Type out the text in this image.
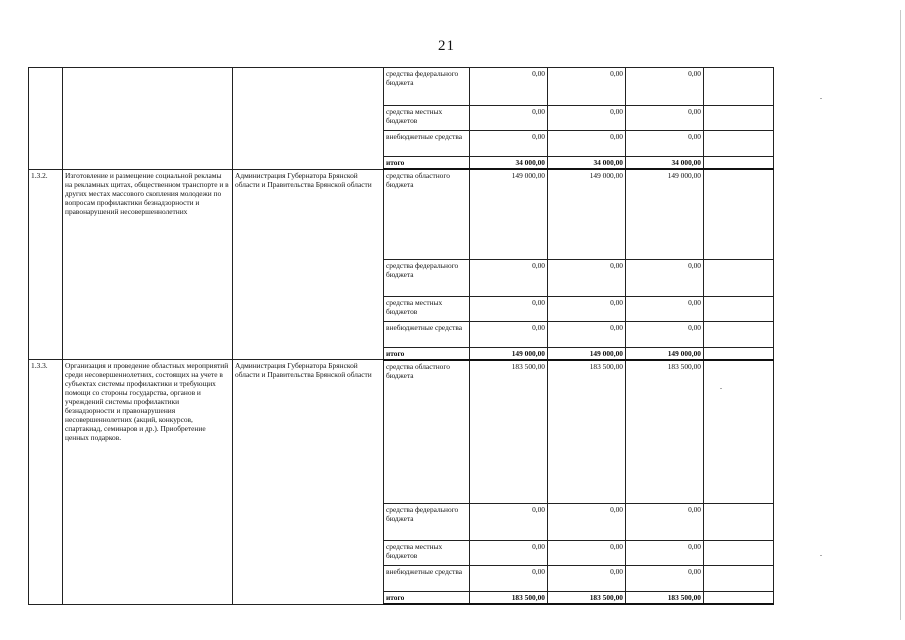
21
			средства федерального бюджета	0,00	0,00	0,00	
			средства местных бюджетов	0,00	0,00	0,00	
			внебюджетные средства	0,00	0,00	0,00	
			итого	34 000,00	34 000,00	34 000,00	
1.3.2.	Изготовление и размещение социальной рекламы на рекламных щитах, общественном транспорте и в других местах массового скопления молодежи по вопросам профилактики безнадзорности и правонарушений несовершеннолетних	Администрация Губернатора Брянской области и Правительства Брянской области	средства областного бюджета	149 000,00	149 000,00	149 000,00	
			средства федерального бюджета	0,00	0,00	0,00	
			средства местных бюджетов	0,00	0,00	0,00	
			внебюджетные средства	0,00	0,00	0,00	
			итого	149 000,00	149 000,00	149 000,00	
1.3.3.	Организация и проведение областных мероприятий среди несовершеннолетних, состоящих на учете в субъектах системы профилактики и требующих помощи со стороны государства, органов и учреждений системы профилактики безнадзорности и правонарушения несовершеннолетних (акций, конкурсов, спартакиад, семинаров и др.). Приобретение ценных подарков.	Администрация Губернатора Брянской области и Правительства Брянской области	средства областного бюджета	183 500,00	183 500,00	183 500,00	
			средства федерального бюджета	0,00	0,00	0,00	
			средства местных бюджетов	0,00	0,00	0,00	
			внебюджетные средства	0,00	0,00	0,00	
			итого	183 500,00	183 500,00	183 500,00	
